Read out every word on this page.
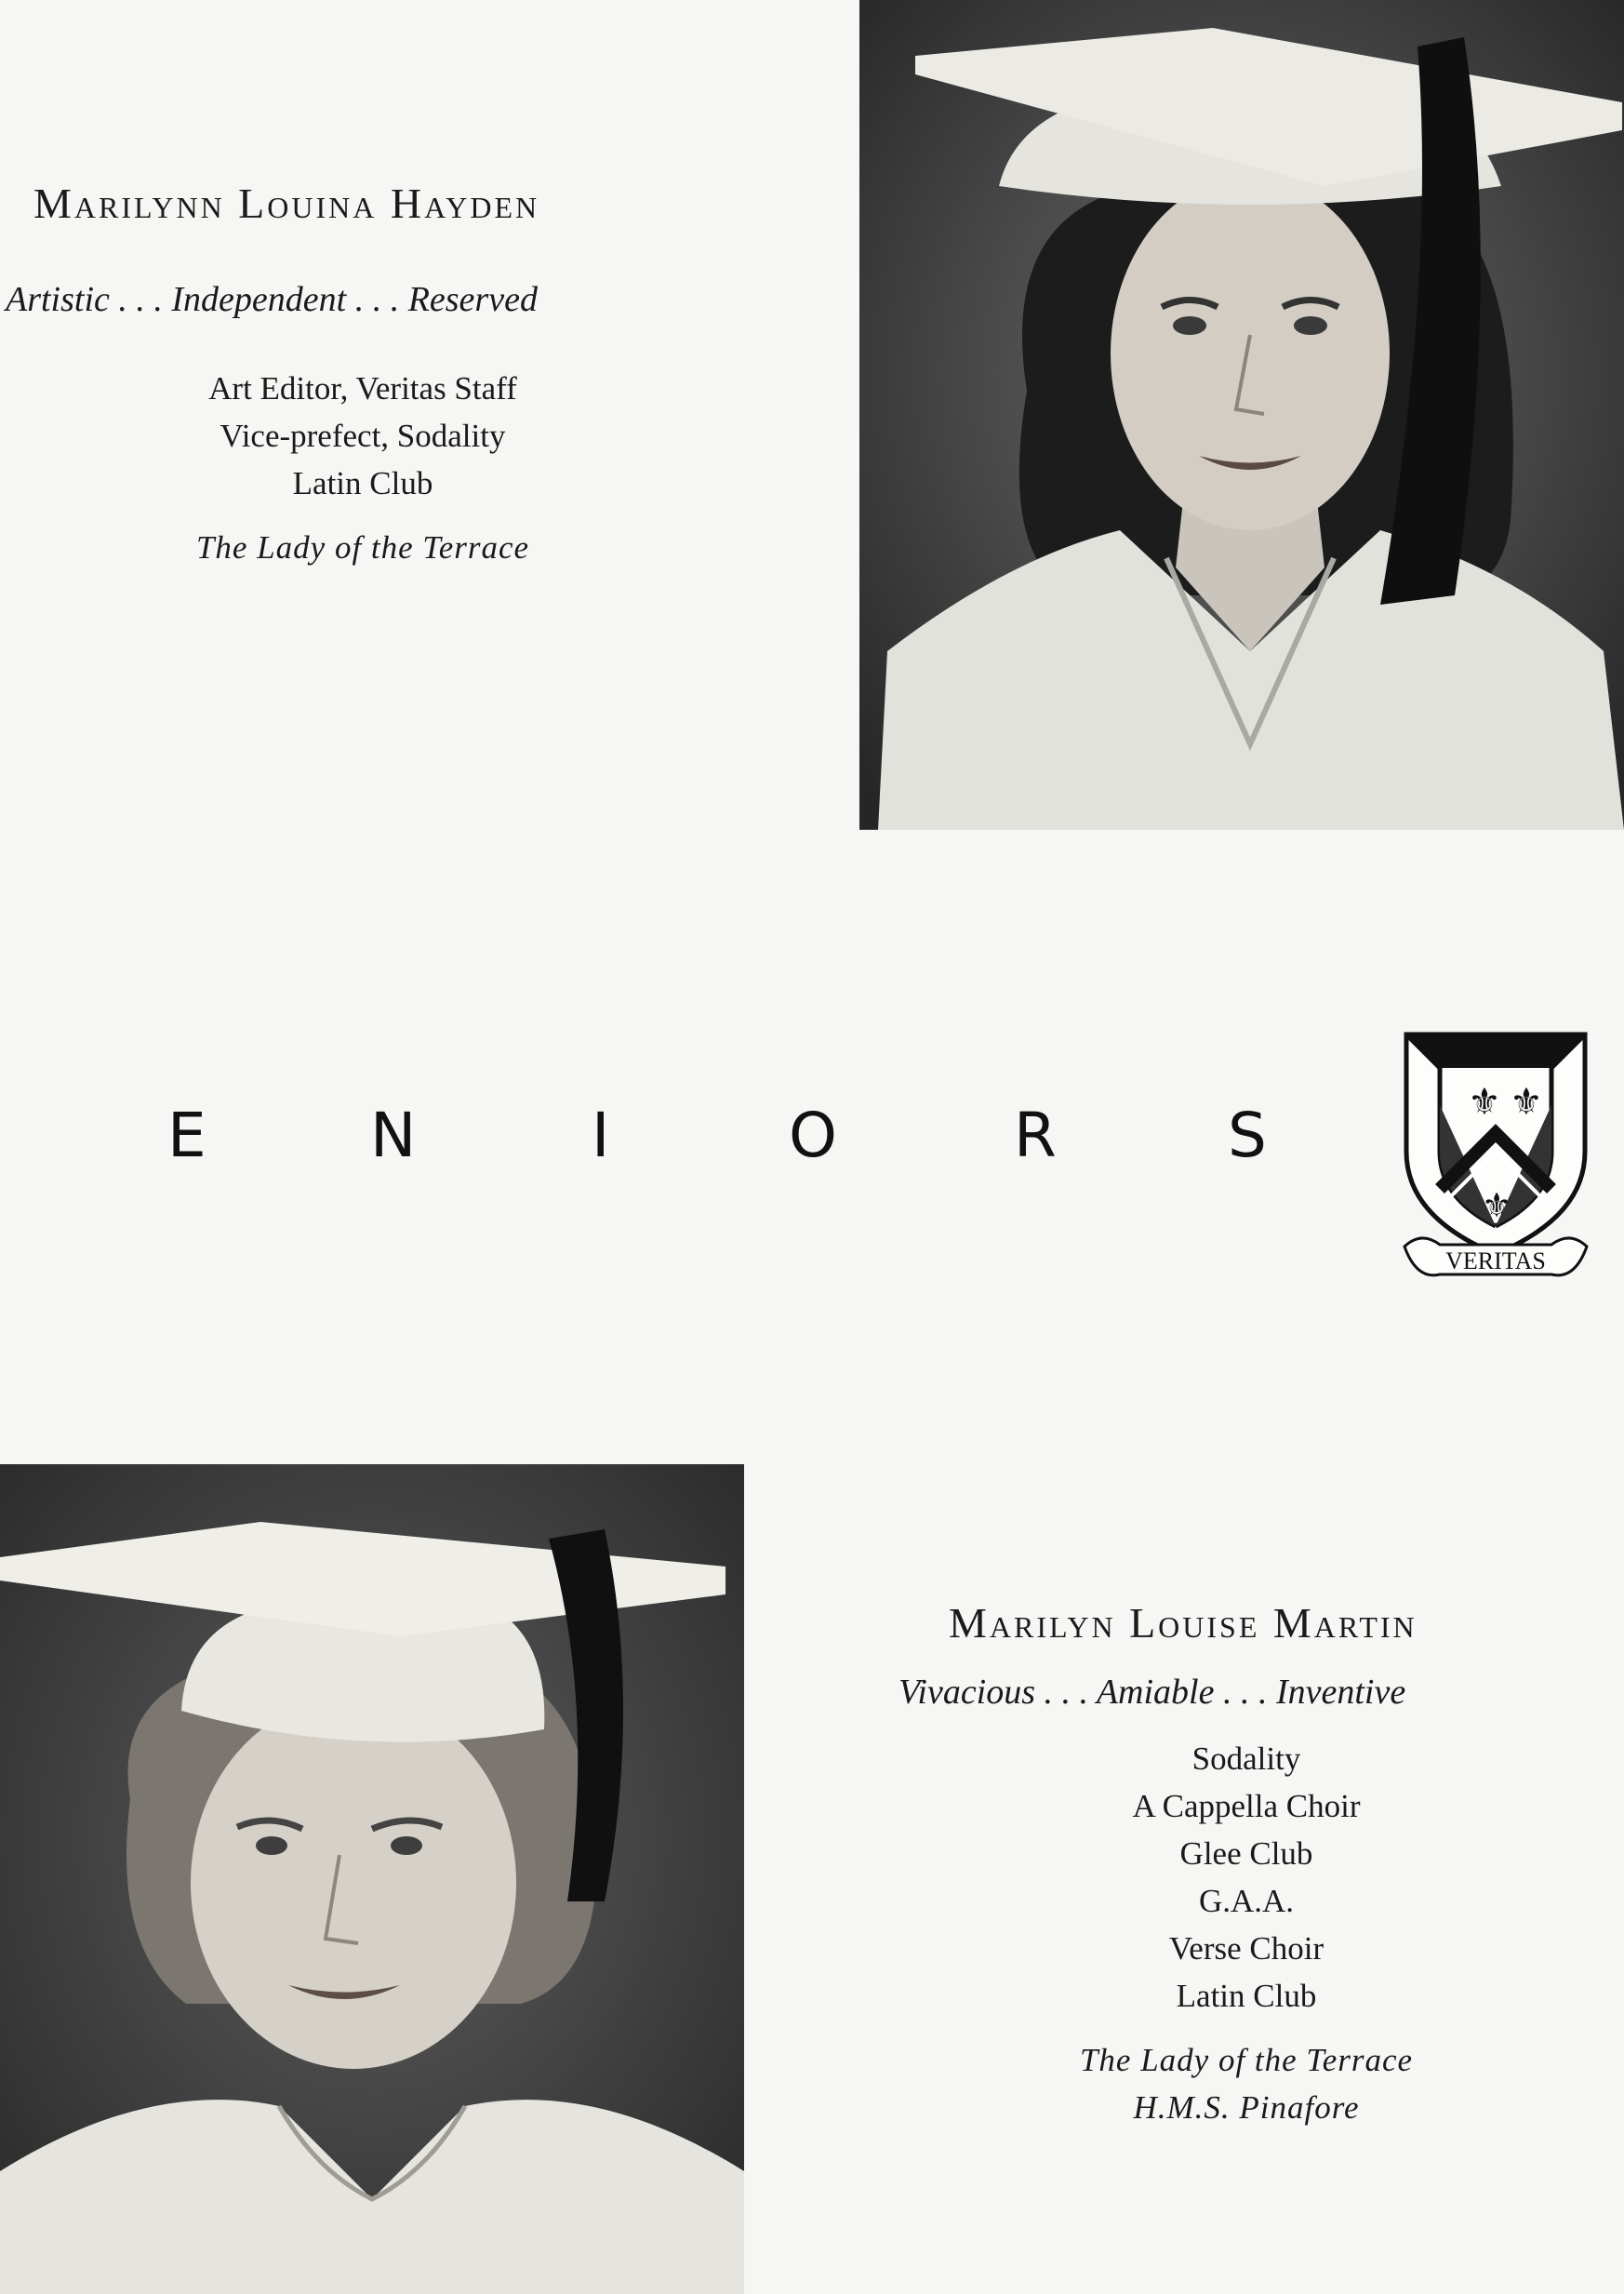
Marilynn Louina Hayden
Artistic . . . Independent . . . Reserved
Art Editor, Veritas Staff
Vice-prefect, Sodality
Latin Club
The Lady of the Terrace
E	N	I	O	R	S	⚜ ⚜
⚜
VERITAS
Marilyn Louise Martin
Vivacious . . . Amiable . . . Inventive
Sodality
A Cappella Choir
Glee Club
G.A.A.
Verse Choir
Latin Club
The Lady of the Terrace
H.M.S. Pinafore
